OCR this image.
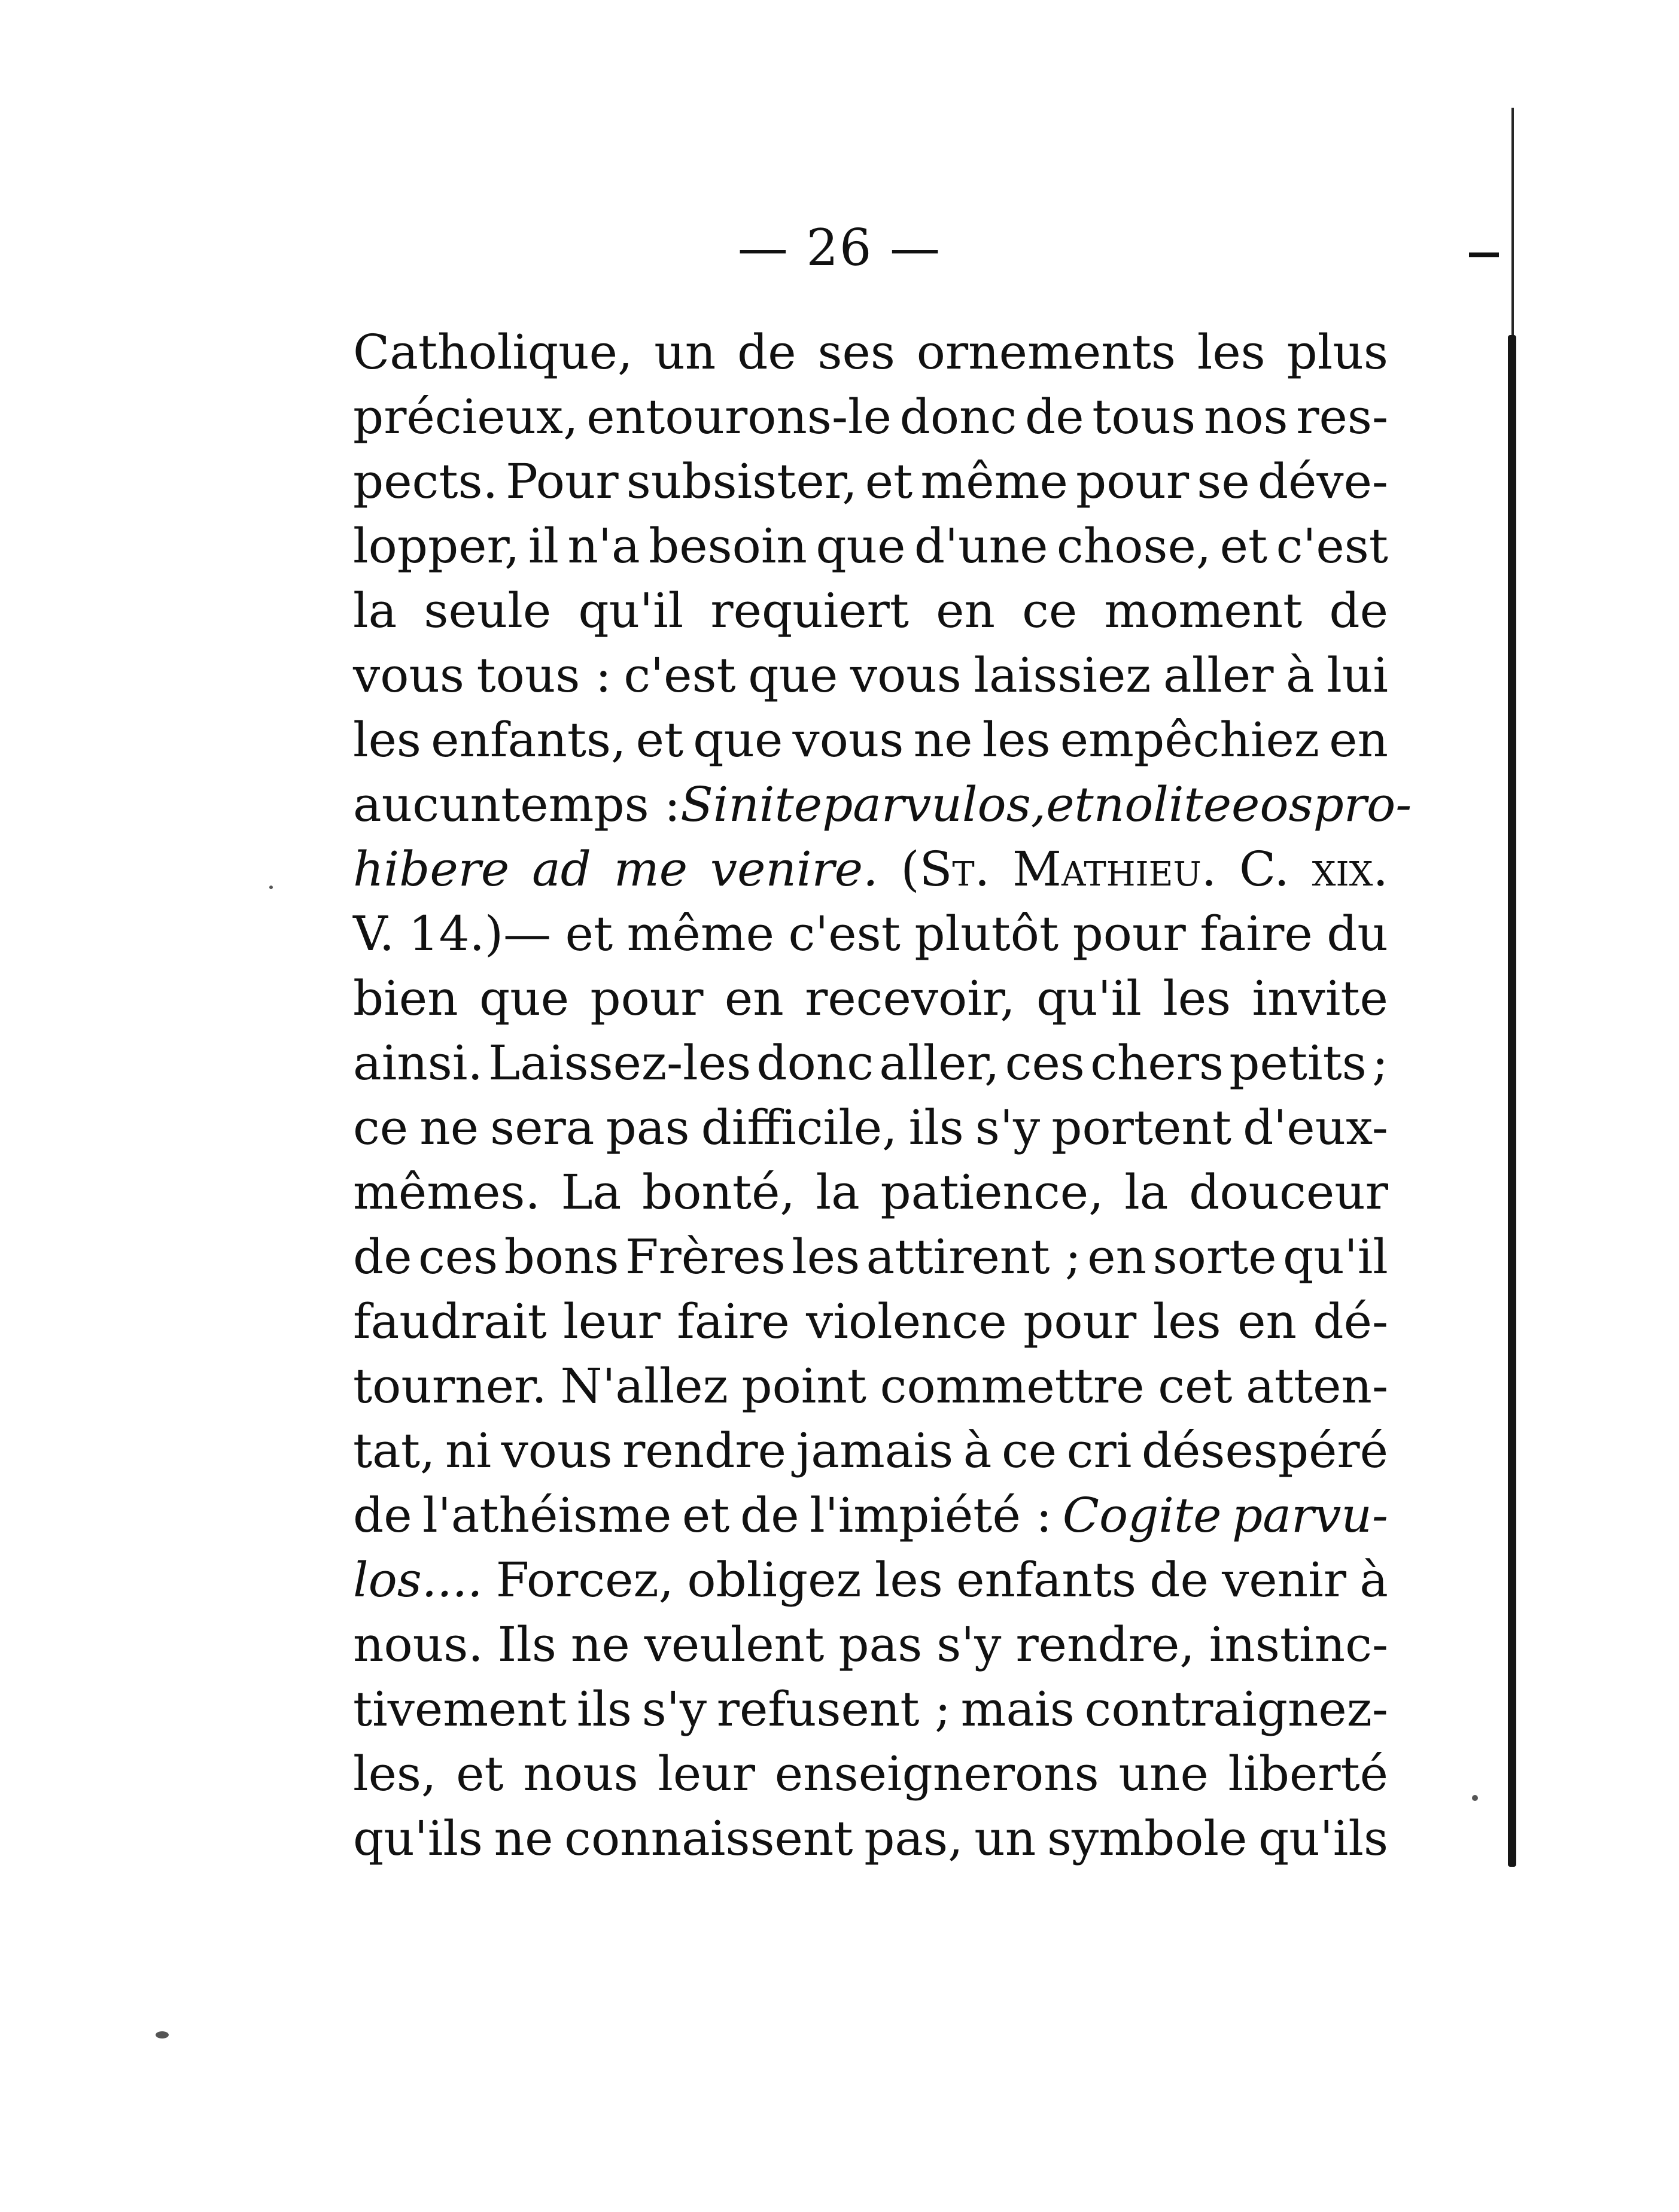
— 26 —
Catholique, un de ses ornements les plus
précieux, entourons-le donc de tous nos res-
pects. Pour subsister, et même pour se déve-
lopper, il n'a besoin que d'une chose, et c'est
la seule qu'il requiert en ce moment de
vous tous : c'est que vous laissiez aller à lui
les enfants, et que vous ne les empêchiez en
aucun temps : Sinite parvulos, et nolite eos pro-
hibere ad me venire. (St. Mathieu. C. xix.
V. 14.)— et même c'est plutôt pour faire du
bien que pour en recevoir, qu'il les invite
ainsi. Laissez-les donc aller, ces chers petits ;
ce ne sera pas difficile, ils s'y portent d'eux-
mêmes. La bonté, la patience, la douceur
de ces bons Frères les attirent ; en sorte qu'il
faudrait leur faire violence pour les en dé-
tourner. N'allez point commettre cet atten-
tat, ni vous rendre jamais à ce cri désespéré
de l'athéisme et de l'impiété : Cogite parvu-
los.... Forcez, obligez les enfants de venir à
nous. Ils ne veulent pas s'y rendre, instinc-
tivement ils s'y refusent ; mais contraignez-
les, et nous leur enseignerons une liberté
qu'ils ne connaissent pas, un symbole qu'ils
